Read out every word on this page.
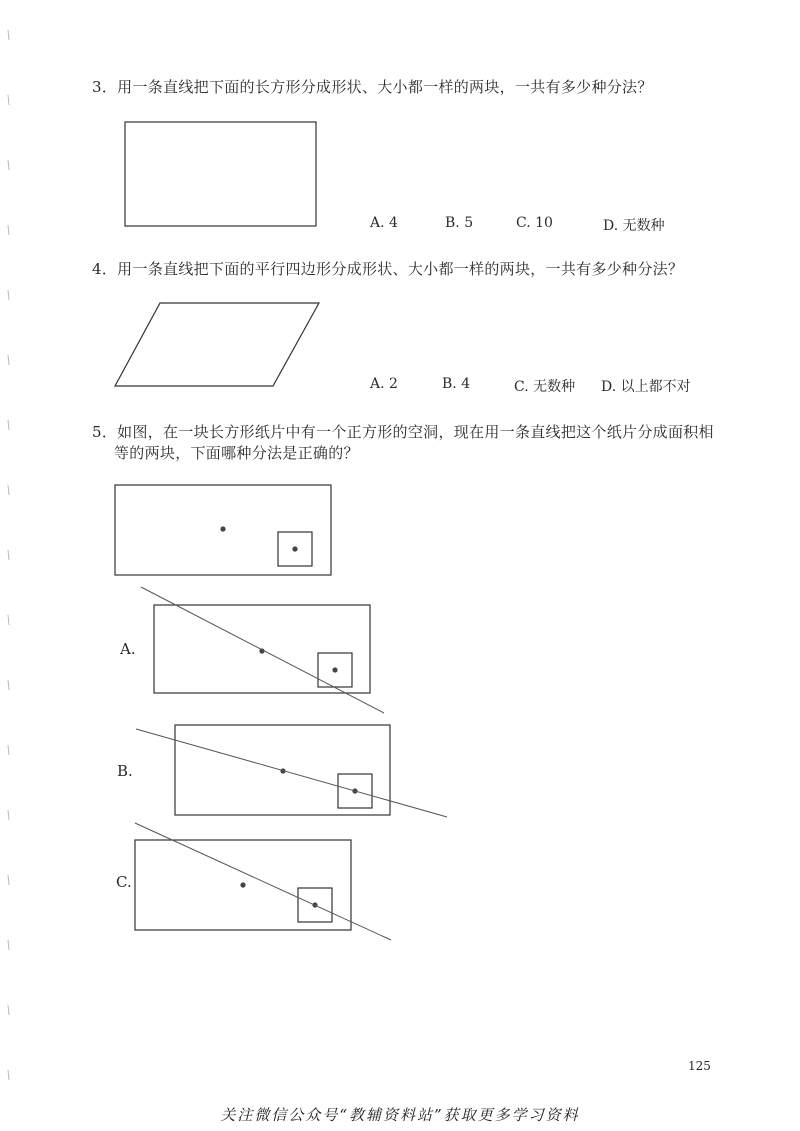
3．用一条直线把下面的长方形分成形状、大小都一样的两块，一共有多少种分法？
A. 4	B. 5	C. 10	D. 无数种
4．用一条直线把下面的平行四边形分成形状、大小都一样的两块，一共有多少种分法？
A. 2	B. 4	C. 无数种 D. 以上都不对
5．如图，在一块长方形纸片中有一个正方形的空洞，现在用一条直线把这个纸片分成面积相
等的两块，下面哪种分法是正确的？
A.
B.
C.
125
关注微信公众号“教辅资料站”获取更多学习资料
